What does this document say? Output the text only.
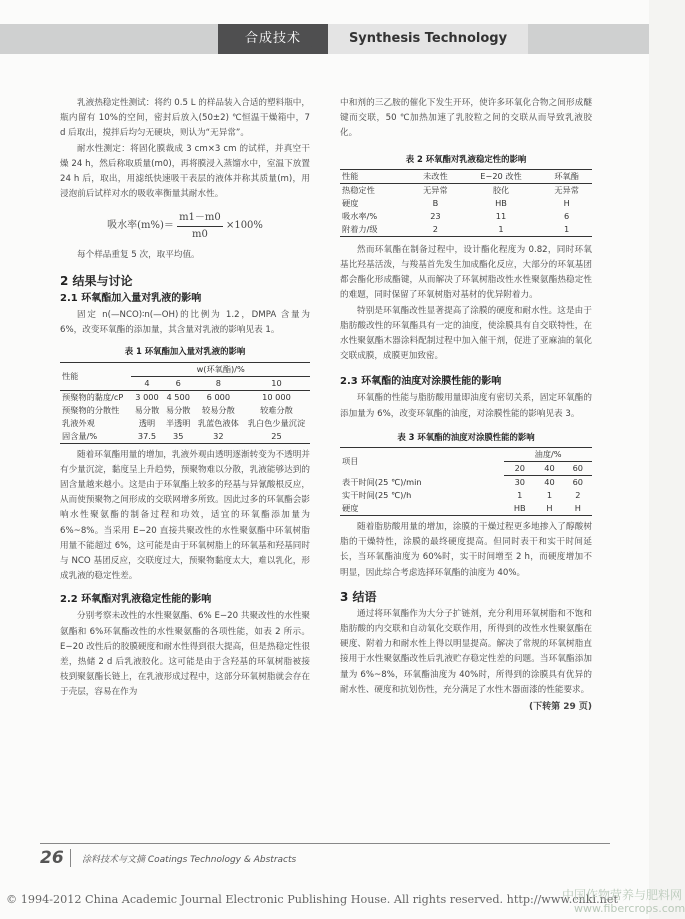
合成技术	Synthesis Technology

乳液热稳定性测试：将约 0.5 L 的样品装入合适的塑料瓶中，瓶内留有 10%的空间，密封后放入(50±2) ℃恒温干燥箱中，7 d 后取出，搅拌后均匀无硬块，则认为“无异常”。

耐水性测定：将固化膜裁成 3 cm×3 cm 的试样，并真空干燥 24 h，然后称取质量(m0)，再将膜浸入蒸馏水中，室温下放置 24 h 后，取出，用滤纸快速吸干表层的液体并称其质量(m)，用浸泡前后试样对水的吸收率衡量其耐水性。

吸水率$(m\%)= \frac{m1-m0}{m0} \times 100\%$

每个样品重复 5 次，取平均值。

2 结果与讨论
2.1 环氧酯加入量对乳液的影响

固定 n(—NCO)∶n(—OH)的比例为 1.2，DMPA 含量为 6%，改变环氧酯的添加量，其含量对乳液的影响见表 1。

表 1 环氧酯加入量对乳液的影响
性能	w(环氧酯)/%			
	4	6	8	10
预聚物的黏度/cP	3 000	4 500	6 000	10 000
预聚物的分散性	易分散	易分散	较易分散	较难分散
乳液外观	透明	半透明	乳蓝色液体	乳白色少量沉淀
固含量/%	37.5	35	32	25

随着环氧酯用量的增加，乳液外观由透明逐渐转变为不透明并有少量沉淀，黏度呈上升趋势，预聚物难以分散，乳液能够达到的固含量越来越小。这是由于环氧酯上较多的羟基与异氰酸根反应，从而使预聚物之间形成的交联网增多所致。因此过多的环氧酯会影响水性聚氨酯的制备过程和功效，适宜的环氧酯添加量为 6%~8%。当采用 E−20 直接共聚改性的水性聚氨酯中环氧树脂用量不能超过 6%，这可能是由于环氧树脂上的环氧基和羟基同时与 NCO 基团反应，交联度过大，预聚物黏度太大，难以乳化，形成乳液的稳定性差。

2.2 环氧酯对乳液稳定性能的影响

分别考察未改性的水性聚氨酯、6% E−20 共聚改性的水性聚氨酯和 6%环氧酯改性的水性聚氨酯的各项性能，如表 2 所示。E−20 改性后的胶膜硬度和耐水性得到很大提高，但是热稳定性很差，热储 2 d 后乳液胶化。这可能是由于含羟基的环氧树脂被接枝到聚氨酯长链上，在乳液形成过程中，这部分环氧树脂就会存在于壳层，容易在作为

中和剂的三乙胺的催化下发生开环，使许多环氧化合物之间形成醚键而交联，50 ℃加热加速了乳胶粒之间的交联从而导致乳液胶化。

表 2 环氧酯对乳液稳定性的影响
性能	未改性	E−20 改性	环氧酯
热稳定性	无异常	胶化	无异常
硬度	B	HB	H
吸水率/%	23	11	6
附着力/级	2	1	1

然而环氧酯在制备过程中，设计酯化程度为 0.82，同时环氧基比羟基活泼，与羧基首先发生加成酯化反应，大部分的环氧基团都会酯化形成酯键，从而解决了环氧树脂改性水性聚氨酯热稳定性的难题，同时保留了环氧树脂对基材的优异附着力。

特别是环氧酯改性显著提高了涂膜的硬度和耐水性。这是由于脂肪酸改性的环氧酯具有一定的油度，使涂膜具有自交联特性，在水性聚氨酯木器涂料配制过程中加入催干剂，促进了亚麻油的氧化交联成膜，成膜更加致密。

2.3 环氧酯的油度对涂膜性能的影响

环氧酯的性能与脂肪酸用量即油度有密切关系，固定环氧酯的添加量为 6%，改变环氧酯的油度，对涂膜性能的影响见表 3。

表 3 环氧酯的油度对涂膜性能的影响
项目	油度/%		
	20	40	60
表干时间(25 ℃)/min	30	40	60
实干时间(25 ℃)/h	1	1	2
硬度	HB	H	H

随着脂肪酸用量的增加，涂膜的干燥过程更多地掺入了醇酸树脂的干燥特性，涂膜的最终硬度提高。但同时表干和实干时间延长，当环氧酯油度为 60%时，实干时间增至 2 h，而硬度增加不明显，因此综合考虑选择环氧酯的油度为 40%。

3 结语

通过将环氧酯作为大分子扩链剂，充分利用环氧树脂和不饱和脂肪酸的内交联和自动氧化交联作用，所得到的改性水性聚氨酯在硬度、附着力和耐水性上得以明显提高。解决了常规的环氧树脂直接用于水性聚氨酯改性后乳液贮存稳定性差的问题。当环氧酯添加量为 6%~8%，环氧酯油度为 40%时，所得到的涂膜具有优异的耐水性、硬度和抗划伤性，充分满足了水性木器面漆的性能要求。

(下转第 29 页)
26 涂料技术与文摘 Coatings Technology & Abstracts
© 1994-2012 China Academic Journal Electronic Publishing House. All rights reserved. http://www.cnki.net
中国作物营养与肥料网
www.fibercrops.com
